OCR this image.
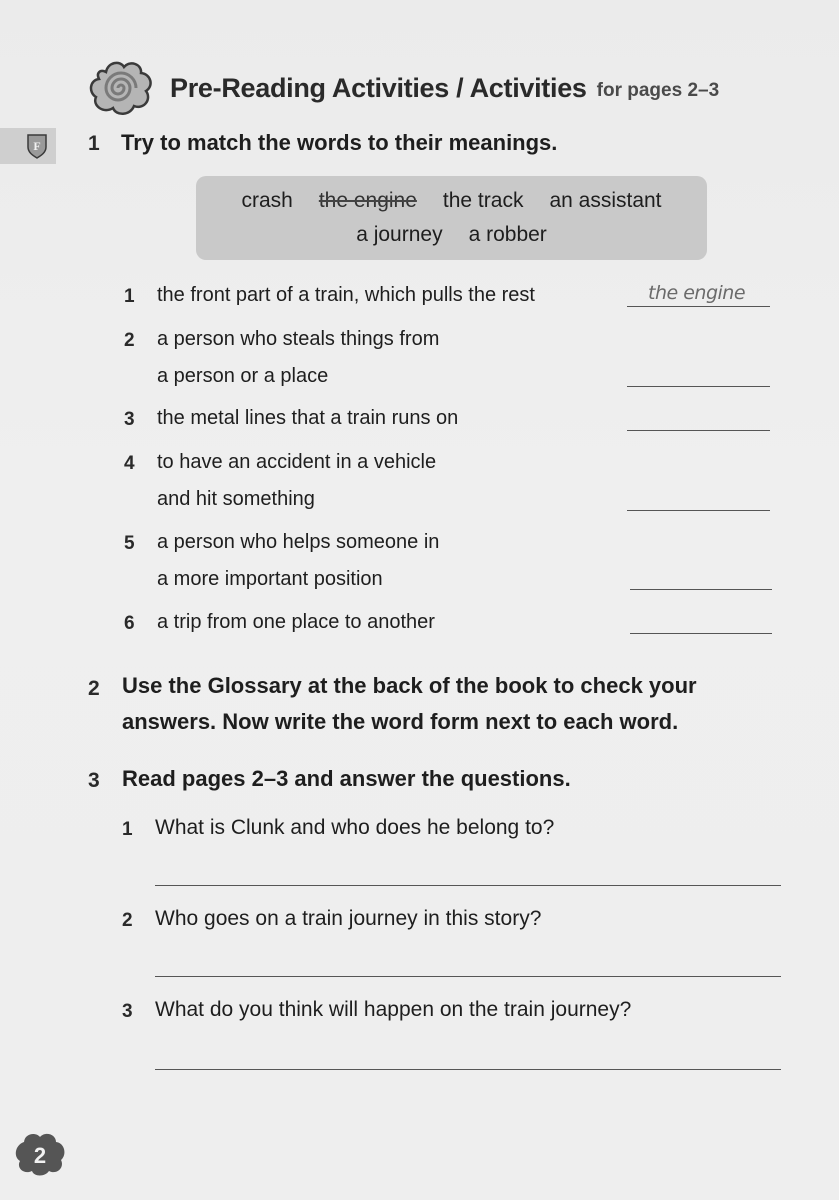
Pre-Reading Activities / Activities for pages 2–3
F 1 Try to match the words to their meanings.
crash the engine the track an assistant
a journey a robber
1 the front part of a train, which pulls the rest	the engine
2 a person who steals things from
a person or a place
3 the metal lines that a train runs on
4 to have an accident in a vehicle
and hit something
5 a person who helps someone in
a more important position
6 a trip from one place to another
2 Use the Glossary at the back of the book to check your
answers. Now write the word form next to each word.
3 Read pages 2–3 and answer the questions.
1 What is Clunk and who does he belong to?
2 Who goes on a train journey in this story?
3 What do you think will happen on the train journey?
2
